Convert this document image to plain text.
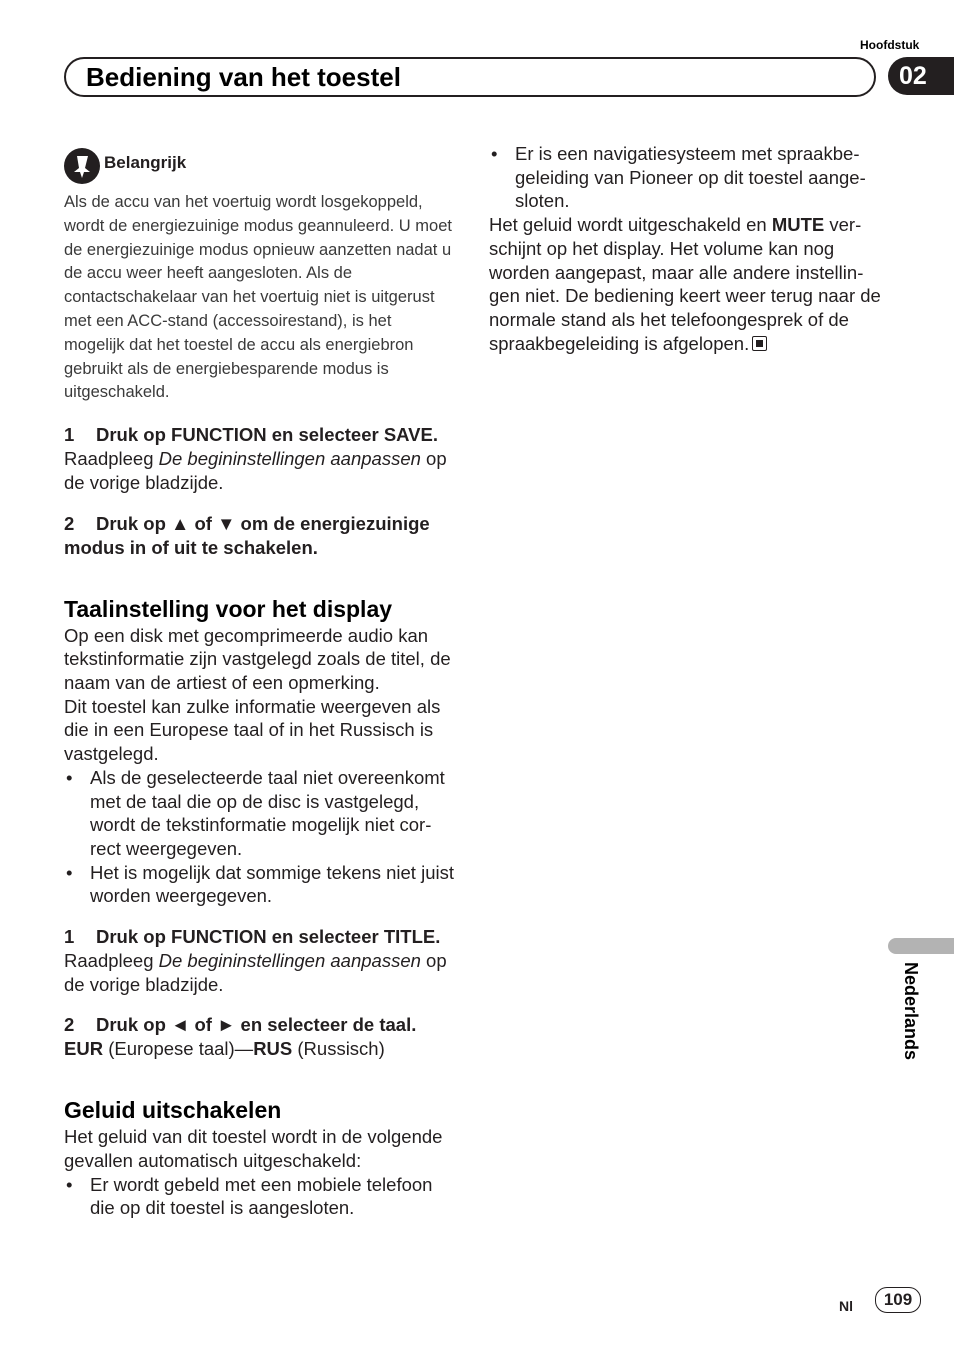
Hoofdstuk
Bediening van het toestel	02
Belangrijk

Als de accu van het voertuig wordt losgekoppeld, wordt de energiezuinige modus geannuleerd. U moet de energiezuinige modus opnieuw aanzetten nadat u de accu weer heeft aangesloten. Als de contactschakelaar van het voertuig niet is uitgerust met een ACC-stand (accessoirestand), is het mogelijk dat het toestel de accu als energiebron gebruikt als de energiebesparende modus is uitgeschakeld.

1 Druk op FUNCTION en selecteer SAVE.

Raadpleeg De begininstellingen aanpassen op de vorige bladzijde.

2 Druk op ▲ of ▼ om de energiezuinige modus in of uit te schakelen.

Taalinstelling voor het display

Op een disk met gecomprimeerde audio kan tekstinformatie zijn vastgelegd zoals de titel, de naam van de artiest of een opmerking.

Dit toestel kan zulke informatie weergeven als die in een Europese taal of in het Russisch is vastgelegd.

• Als de geselecteerde taal niet overeenkomt met de taal die op de disc is vastgelegd, wordt de tekstinformatie mogelijk niet correct weergegeven.
• Het is mogelijk dat sommige tekens niet juist worden weergegeven.

1 Druk op FUNCTION en selecteer TITLE.

Raadpleeg De begininstellingen aanpassen op de vorige bladzijde.

2 Druk op ◄ of ► en selecteer de taal.

EUR (Europese taal)—RUS (Russisch)

Geluid uitschakelen

Het geluid van dit toestel wordt in de volgende gevallen automatisch uitgeschakeld:

• Er wordt gebeld met een mobiele telefoon die op dit toestel is aangesloten.
• Er is een navigatiesysteem met spraakbegeleiding van Pioneer op dit toestel aangesloten.

Het geluid wordt uitgeschakeld en MUTE verschijnt op het display. Het volume kan nog worden aangepast, maar alle andere instellingen niet. De bediening keert weer terug naar de normale stand als het telefoongesprek of de spraakbegeleiding is afgelopen.

Nederlands
Nl	109
